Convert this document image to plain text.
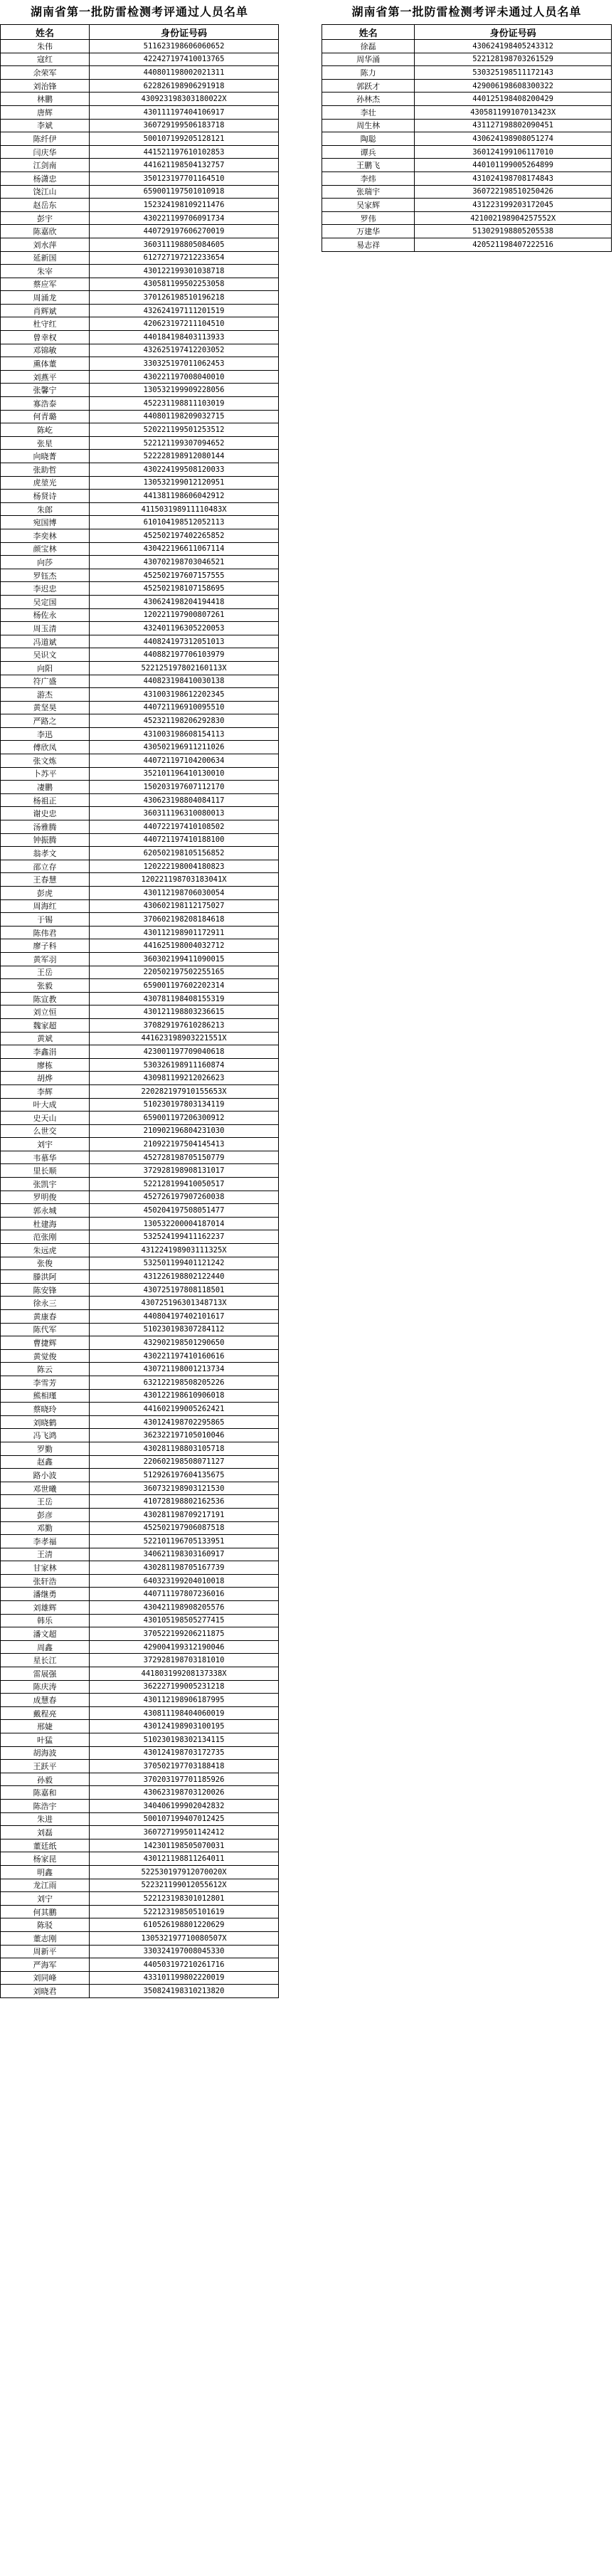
湖南省第一批防雷检测考评通过人员名单
姓名	身份证号码
朱伟	511623198606060652
寇红	422427197410013765
余荣军	440801198002021311
刘治锋	622826198906291918
林鹏	430923198303180022X
唐辉	430111197404106917
李斌	360729199506183718
陈纤伊	500107199205128121
闫庆华	441521197610102853
江剑南	441621198504132757
杨潇忠	350123197701164510
饶江山	659001197501010918
赵岳东	152324198109211476
彭宇	430221199706091734
陈嘉欣	440729197606270019
刘水萍	360311198805084605
延新国	612727197212233654
朱宰	430122199301038718
蔡应军	430581199502253058
周涌龙	370126198510196218
肖辉斌	432624197111201519
杜守红	420623197211104510
曾幸权	440184198403113933
邓锦敏	432625197412203052
熏体董	330325197011062453
刘燕平	430221197008040010
张馨宁	130532199909228056
寡浩泰	452231198811103019
何青璐	440801198209032715
陈屹	520221199501253512
张星	522121199307094652
向晓菁	522228198912080144
张助哲	430224199508120033
虎堃光	130532199012120951
杨贤诗	441381198606042912
朱郎	411503198911110483X
宛国博	610104198512052113
李奕林	452502197402265852
颜宝林	430422196611067114
向莎	430702198703046521
罗钰杰	452502197607157555
李迟忠	452502198107158695
吴定国	430624198204194418
杨佐永	120221197900807261
周玉清	432401196305220053
冯道斌	440824197312051013
吴识文	440882197706103979
向阳	522125197802160113X
符广盛	440823198410030138
游杰	431003198612202345
黄坚昊	440721196910095510
严路之	452321198206292830
李迅	431003198608154113
傅欣凤	430502196911211026
张文炼	440721197104200634
卜苏平	352101196410130010
凄鹏	150203197607112170
杨祖正	430623198804084117
谢史忠	360311196310080013
汤雅腾	440722197410108502
钟振腾	440721197410188100
翁孝文	620502198105156852
邵立存	120222198004180823
王春慧	120221198703183041X
彭虎	430112198706030054
周海红	430602198112175027
于锡	370602198208184618
陈伟君	430112198901172911
廖子科	441625198004032712
黄军羽	360302199411090015
王岳	220502197502255165
张毅	659001197602202314
陈宣教	430781198408155319
刘立恒	430121198803236615
魏家超	370829197610286213
黄斌	441623198903221551X
李鑫涓	423001197709040618
廖栋	530326198911160874
胡烨	430981199212026623
李辉	220282197910155653X
叶大成	510230197803134119
史天山	659001197206300912
么世交	210902196804231030
刘宇	210922197504145413
韦慕华	452728198705150779
里长顺	372928198908131017
张凯宇	522128199410050517
罗明俊	452726197907260038
郭永城	450204197508051477
杜建海	130532200004187014
范张刚	532524199411162237
朱远虎	431224198903111325X
张俊	532501199401121242
滕洪阿	431226198802122440
陈安锋	430725197808118501
徐永三	430725196301348713X
黄康春	440804197402101617
陈代军	510230198307284112
曹捷辉	432902198501290650
黄觉俊	430221197410160616
陈云	430721198001213734
李雪芳	632122198508205226
熊相瑾	430122198610906018
蔡晓玲	441602199005262421
刘晓鹤	430124198702295865
冯飞鸿	362322197105010046
罗勤	430281198803105718
赵鑫	220602198508071127
路小波	512926197604135675
邓世曦	360732198903121530
王岳	410728198802162536
彭彦	430281198709217191
邓勤	452502197906087518
李孝福	522101196705133951
王清	340621198303160917
甘家林	430281198705167739
张轩浩	640323199204010018
潘继勇	440711197807236016
刘雄辉	430421198908205576
韩乐	430105198505277415
潘文超	370522199206211875
周鑫	429004199312190046
星长江	372928198703181010
雷展强	441803199208137338X
陈庆涛	362227199005231218
成慧春	430112198906187995
戴程亮	430811198404060019
邢婕	430124198903100195
叶猛	510230198302134115
胡海波	430124198703172735
王跃平	370502197703188418
孙毅	370203197701185926
陈嘉和	430623198703120026
陈浩宇	340406199902042832
朱进	500107199407012425
刘磊	360727199501142412
董廷纸	142301198505070031
杨家昆	430121198811264011
明鑫	522530197912070020X
龙江雨	522321199012055612X
刘宁	522123198301012801
何其鹏	522123198505101619
陈驳	610526198801220629
董志刚	130532197710080507X
周新平	330324197008045330
严海军	440503197210261716
刘同峰	433101199802220019
刘晓君	350824198310213820
湖南省第一批防雷检测考评未通过人员名单
姓名	身份证号码
徐磊	430624198405243312
周华涌	522128198703261529
陈力	530325198511172143
郭跃才	429006198608300322
孙林杰	440125198408200429
李壮	430581199107013423X
周生林	431127198802090451
陶聪	430624198908051274
谭兵	360124199106117010
王鹏飞	440101199005264899
李炜	431024198708174843
张瑞宇	360722198510250426
吴家辉	431223199203172045
罗伟	421002198904257552X
万建华	513029198805205538
易志祥	420521198407222516
